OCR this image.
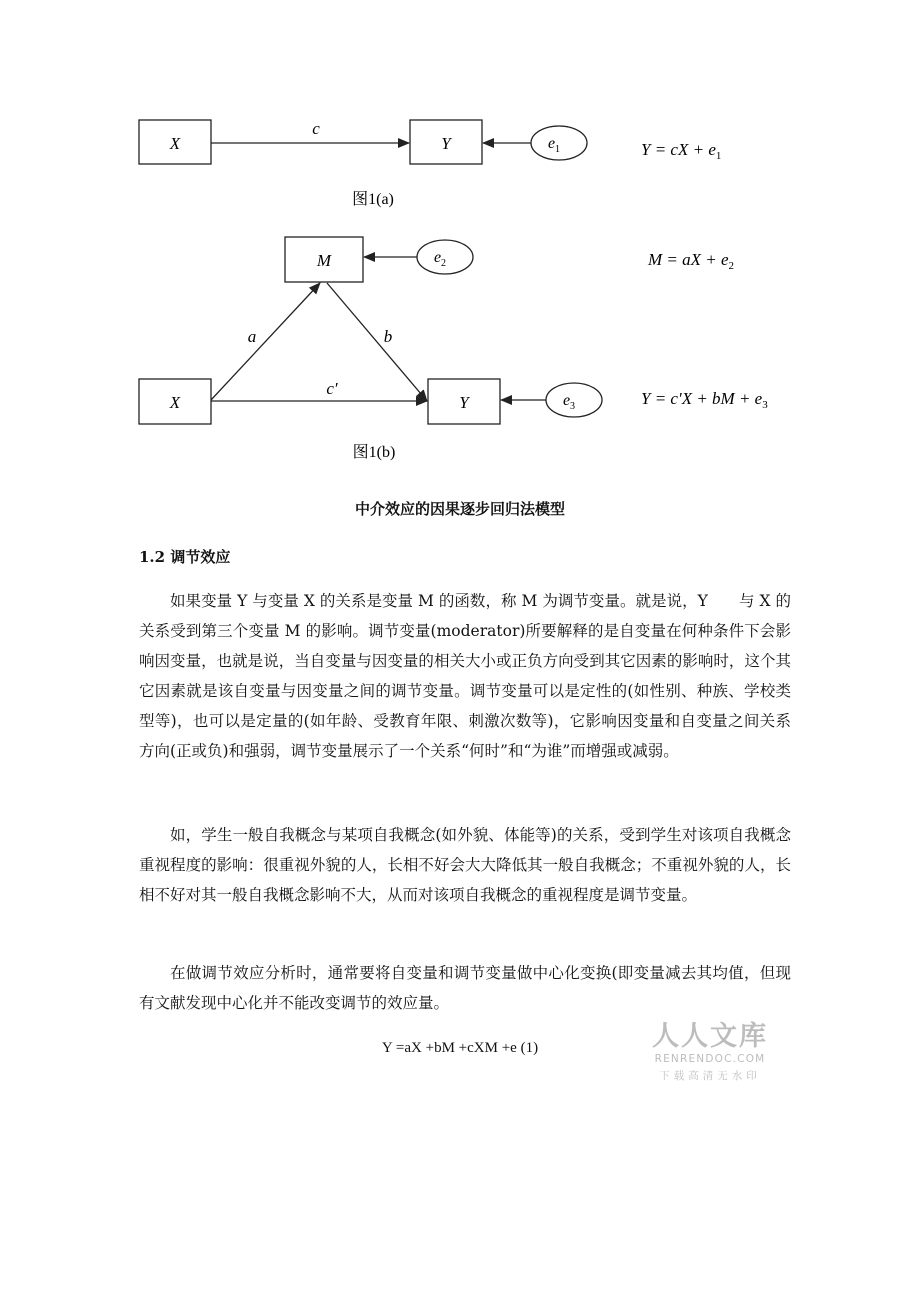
X
c
Y	$e_1$	Y = cX + $e_1$
图1(a)
M	$e_2$	M = aX + $e_2$
X
a	b
c′
Y	$e_3$	Y = c′X + bM + $e_3$
图1(b)
中介效应的因果逐步回归法模型
1.2 调节效应

如果变量 Y 与变量 X 的关系是变量 M 的函数，称 M 为调节变量。就是说，Y　　与 X 的关系受到第三个变量 M 的影响。调节变量(moderator)所要解释的是自变量在何种条件下会影响因变量，也就是说，当自变量与因变量的相关大小或正负方向受到其它因素的影响时，这个其它因素就是该自变量与因变量之间的调节变量。调节变量可以是定性的(如性别、种族、学校类型等)，也可以是定量的(如年龄、受教育年限、刺激次数等)，它影响因变量和自变量之间关系方向(正或负)和强弱，调节变量展示了一个关系“何时”和“为谁”而增强或减弱。

如，学生一般自我概念与某项自我概念(如外貌、体能等)的关系，受到学生对该项自我概念重视程度的影响：很重视外貌的人，长相不好会大大降低其一般自我概念；不重视外貌的人，长相不好对其一般自我概念影响不大，从而对该项自我概念的重视程度是调节变量。

在做调节效应分析时，通常要将自变量和调节变量做中心化变换(即变量减去其均值，但现有文献发现中心化并不能改变调节的效应量。

Y =aX +bM +cXM +e (1)	人人文库
RENRENDOC.COM
下载高清无水印
